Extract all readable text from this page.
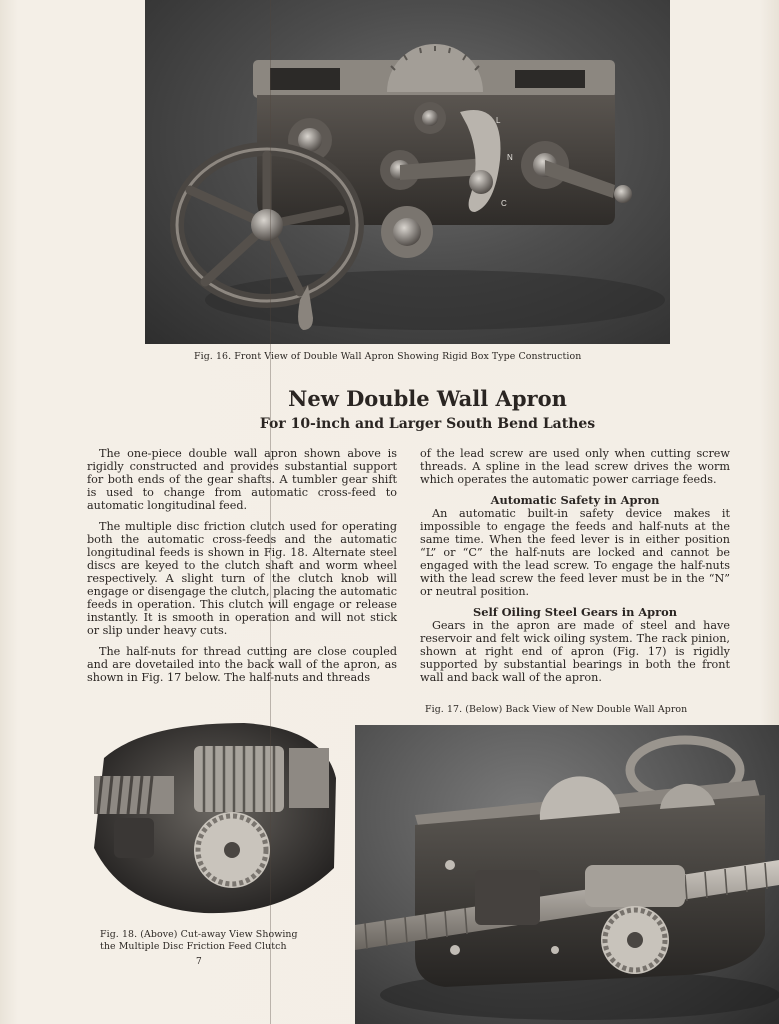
L
N
C
Fig. 16. Front View of Double Wall Apron Showing Rigid Box Type Construction
New Double Wall Apron
For 10-inch and Larger South Bend Lathes

The one-piece double wall apron shown above is rigidly constructed and provides substantial support for both ends of the gear shafts. A tumbler gear shift is used to change from automatic cross-feed to automatic longitudinal feed.

The multiple disc friction clutch used for operating both the automatic cross-feeds and the automatic longitudinal feeds is shown in Fig. 18. Alternate steel discs are keyed to the clutch shaft and worm wheel respectively. A slight turn of the clutch knob will engage or disengage the clutch, placing the automatic feeds in operation. This clutch will engage or release instantly. It is smooth in operation and will not stick or slip under heavy cuts.

The half-nuts for thread cutting are close coupled and are dovetailed into the back wall of the apron, as shown in Fig. 17 below. The half-nuts and threads

of the lead screw are used only when cutting screw threads. A spline in the lead screw drives the worm which operates the automatic power carriage feeds.

Automatic Safety in Apron

An automatic built-in safety device makes it impossible to engage the feeds and half-nuts at the same time. When the feed lever is in either position “L” or “C” the half-nuts are locked and cannot be engaged with the lead screw. To engage the half-nuts with the lead screw the feed lever must be in the “N” or neutral position.

Self Oiling Steel Gears in Apron

Gears in the apron are made of steel and have reservoir and felt wick oiling system. The rack pinion, shown at right end of apron (Fig. 17) is rigidly supported by substantial bearings in both the front wall and back wall of the apron.

Fig. 17. (Below) Back View of New Double Wall Apron
Fig. 18. (Above) Cut-away View Showing
the Multiple Disc Friction Feed Clutch
7
